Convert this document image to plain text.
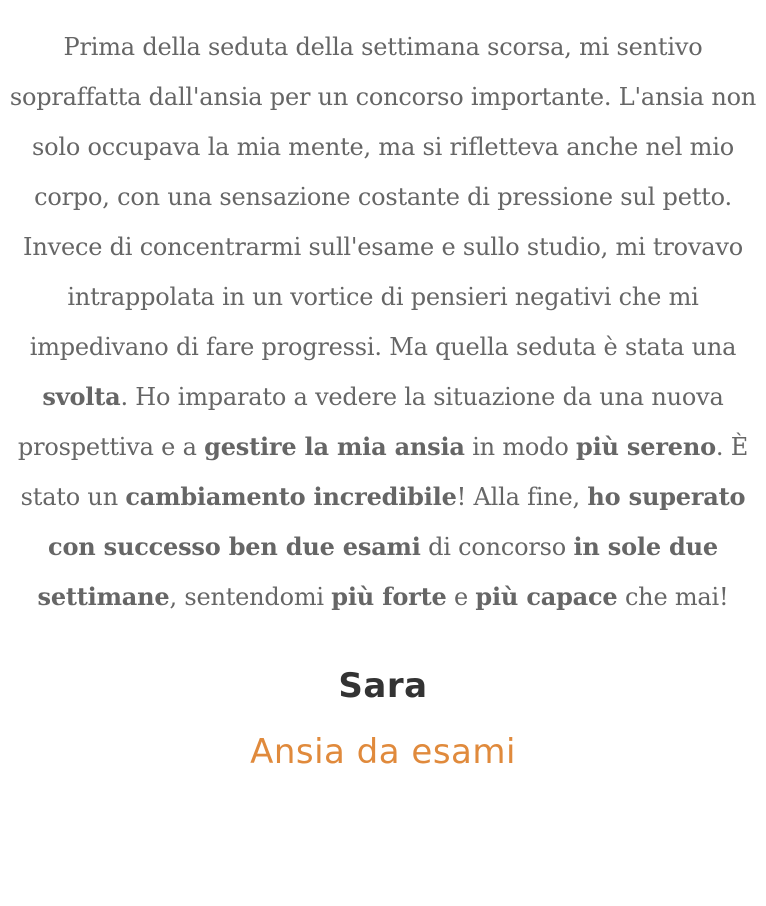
Prima della seduta della settimana scorsa, mi sentivo sopraffatta dall'ansia per un concorso importante. L'ansia non solo occupava la mia mente, ma si rifletteva anche nel mio corpo, con una sensazione costante di pressione sul petto. Invece di concentrarmi sull'esame e sullo studio, mi trovavo intrappolata in un vortice di pensieri negativi che mi impedivano di fare progressi. Ma quella seduta è stata una svolta. Ho imparato a vedere la situazione da una nuova prospettiva e a gestire la mia ansia in modo più sereno. È stato un cambiamento incredibile! Alla fine, ho superato con successo ben due esami di concorso in sole due settimane, sentendomi più forte e più capace che mai!

Sara
Ansia da esami
